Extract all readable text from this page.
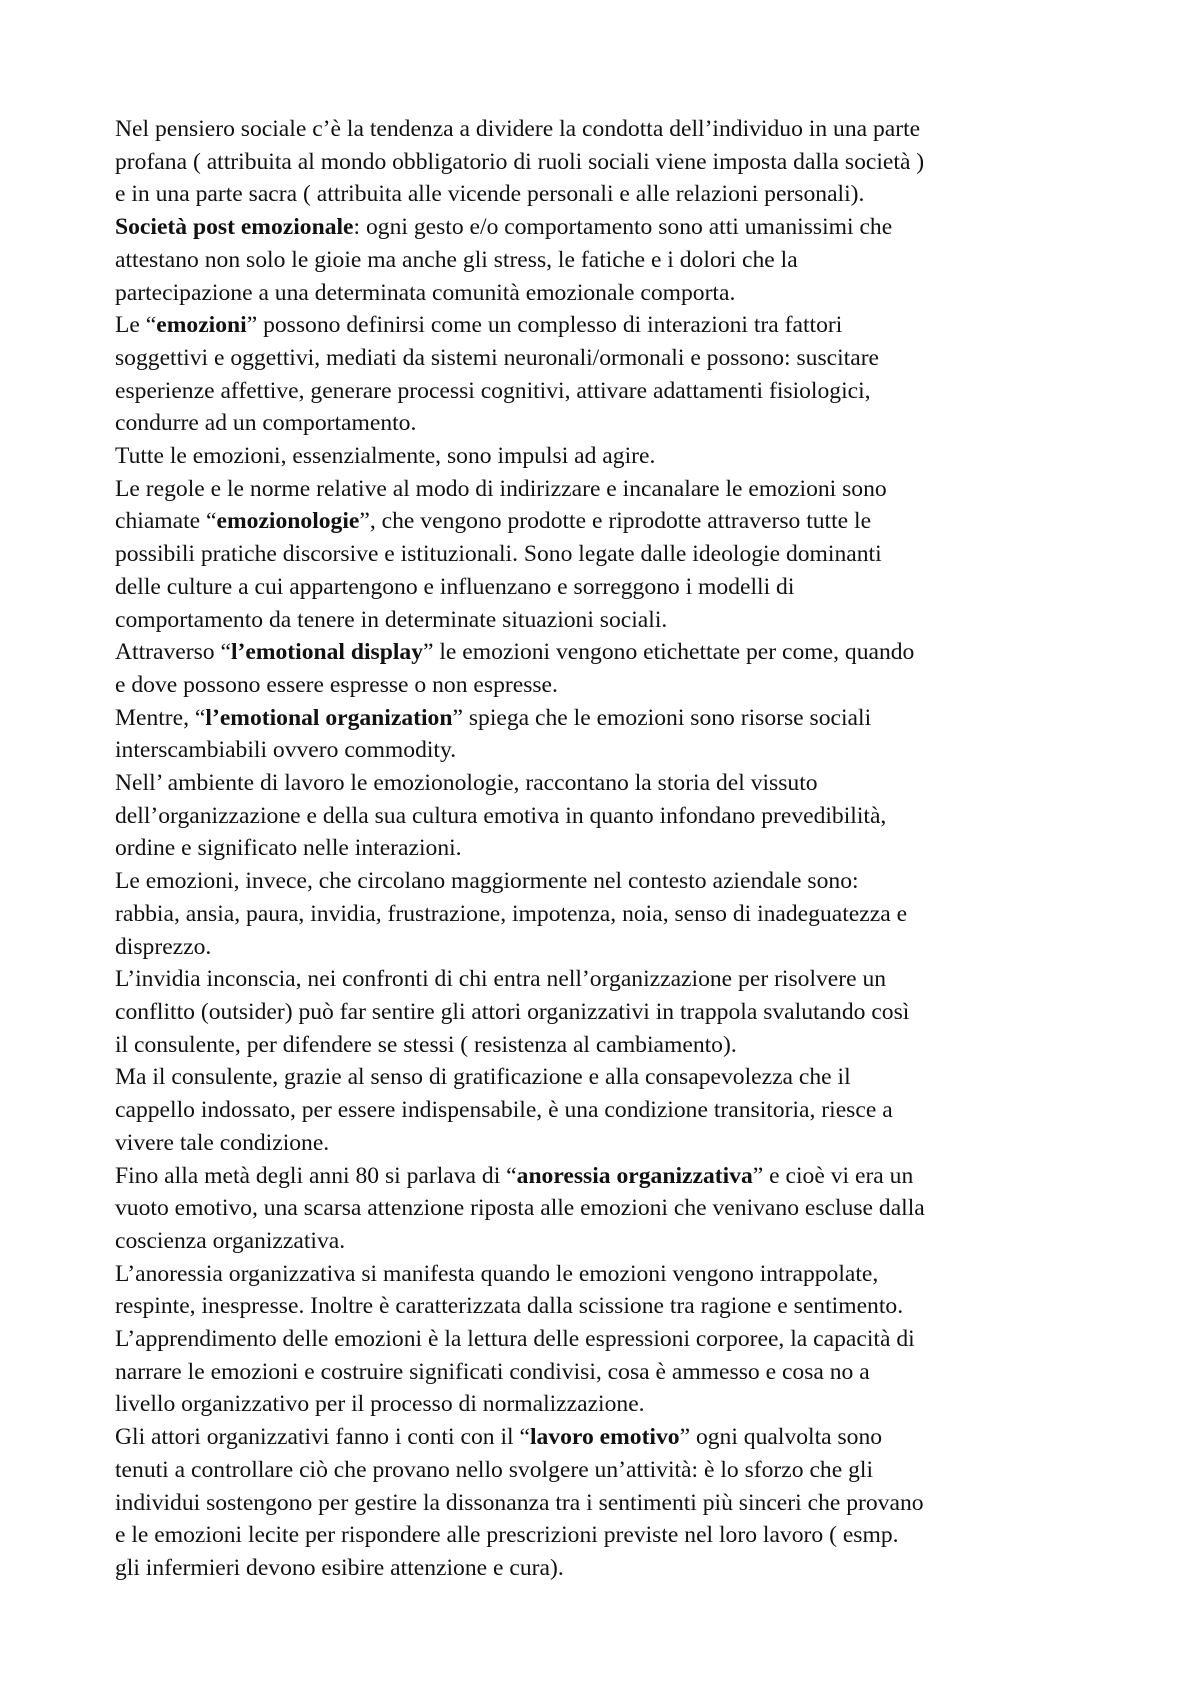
Nel pensiero sociale c’è la tendenza a dividere la condotta dell’individuo in una parte

profana ( attribuita al mondo obbligatorio di ruoli sociali viene imposta dalla società )

e in una parte sacra ( attribuita alle vicende personali e alle relazioni personali).

Società post emozionale: ogni gesto e/o comportamento sono atti umanissimi che

attestano non solo le gioie ma anche gli stress, le fatiche e i dolori che la

partecipazione a una determinata comunità emozionale comporta.

Le “emozioni” possono definirsi come un complesso di interazioni tra fattori

soggettivi e oggettivi, mediati da sistemi neuronali/ormonali e possono: suscitare

esperienze affettive, generare processi cognitivi, attivare adattamenti fisiologici,

condurre ad un comportamento.

Tutte le emozioni, essenzialmente, sono impulsi ad agire.

Le regole e le norme relative al modo di indirizzare e incanalare le emozioni sono

chiamate “emozionologie”, che vengono prodotte e riprodotte attraverso tutte le

possibili pratiche discorsive e istituzionali. Sono legate dalle ideologie dominanti

delle culture a cui appartengono e influenzano e sorreggono i modelli di

comportamento da tenere in determinate situazioni sociali.

Attraverso “l’emotional display” le emozioni vengono etichettate per come, quando

e dove possono essere espresse o non espresse.

Mentre, “l’emotional organization” spiega che le emozioni sono risorse sociali

interscambiabili ovvero commodity.

Nell’ ambiente di lavoro le emozionologie, raccontano la storia del vissuto

dell’organizzazione e della sua cultura emotiva in quanto infondano prevedibilità,

ordine e significato nelle interazioni.

Le emozioni, invece, che circolano maggiormente nel contesto aziendale sono:

rabbia, ansia, paura, invidia, frustrazione, impotenza, noia, senso di inadeguatezza e

disprezzo.

L’invidia inconscia, nei confronti di chi entra nell’organizzazione per risolvere un

conflitto (outsider) può far sentire gli attori organizzativi in trappola svalutando così

il consulente, per difendere se stessi ( resistenza al cambiamento).

Ma il consulente, grazie al senso di gratificazione e alla consapevolezza che il

cappello indossato, per essere indispensabile, è una condizione transitoria, riesce a

vivere tale condizione.

Fino alla metà degli anni 80 si parlava di “anoressia organizzativa” e cioè vi era un

vuoto emotivo, una scarsa attenzione riposta alle emozioni che venivano escluse dalla

coscienza organizzativa.

L’anoressia organizzativa si manifesta quando le emozioni vengono intrappolate,

respinte, inespresse. Inoltre è caratterizzata dalla scissione tra ragione e sentimento.

L’apprendimento delle emozioni è la lettura delle espressioni corporee, la capacità di

narrare le emozioni e costruire significati condivisi, cosa è ammesso e cosa no a

livello organizzativo per il processo di normalizzazione.

Gli attori organizzativi fanno i conti con il “lavoro emotivo” ogni qualvolta sono

tenuti a controllare ciò che provano nello svolgere un’attività: è lo sforzo che gli

individui sostengono per gestire la dissonanza tra i sentimenti più sinceri che provano

e le emozioni lecite per rispondere alle prescrizioni previste nel loro lavoro ( esmp.

gli infermieri devono esibire attenzione e cura).
